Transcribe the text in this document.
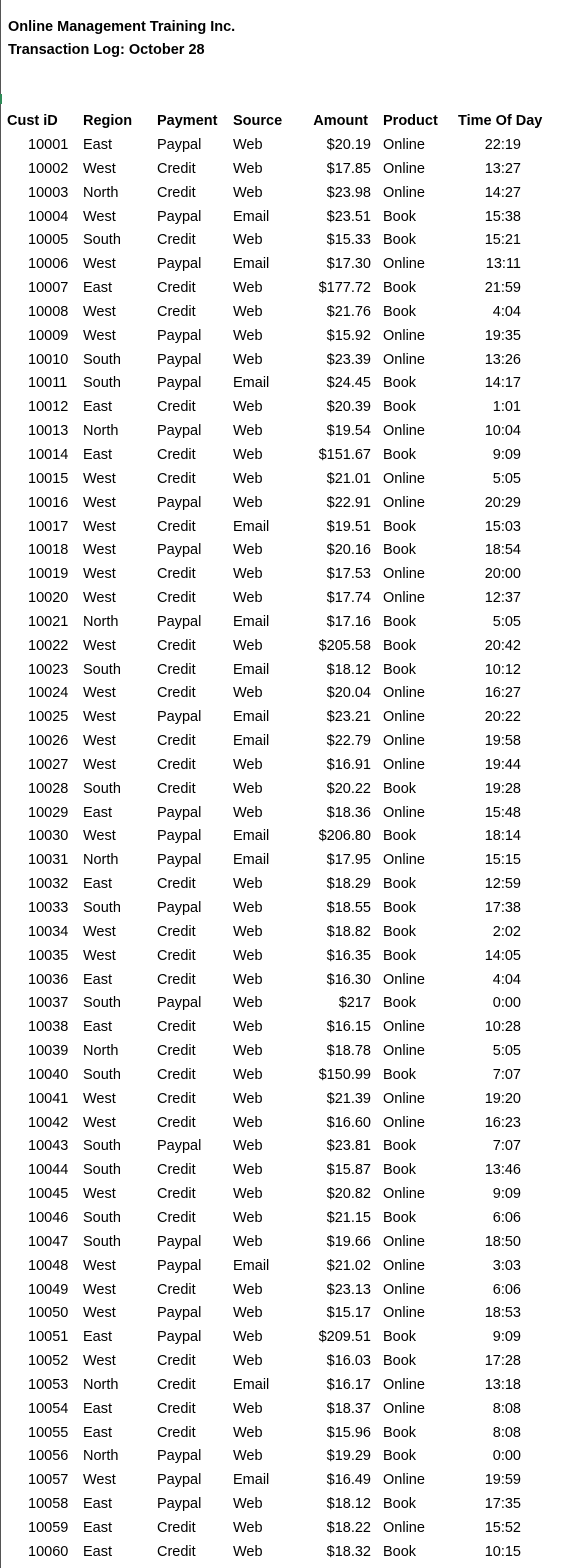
Online Management Training Inc.
Transaction Log: October 28
Cust iD Region Payment Source Amount Product Time Of Day
10001 East	Paypal Web	$20.19 Online	22:19
10002 West	Credit	Web	$17.85 Online	13:27
10003 North	Credit	Web	$23.98 Online	14:27
10004 West	Paypal Email	$23.51 Book	15:38
10005 South Credit	Web	$15.33 Book	15:21
10006 West	Paypal Email	$17.30 Online	13:11
10007 East	Credit	Web	$177.72 Book	21:59
10008 West	Credit	Web	$21.76 Book	4:04
10009 West	Paypal Web	$15.92 Online	19:35
10010 South Paypal Web	$23.39 Online	13:26
10011 South Paypal Email	$24.45 Book	14:17
10012 East	Credit	Web	$20.39 Book	1:01
10013 North	Paypal Web	$19.54 Online	10:04
10014 East	Credit	Web	$151.67 Book	9:09
10015 West	Credit	Web	$21.01 Online	5:05
10016 West	Paypal Web	$22.91 Online	20:29
10017 West	Credit	Email	$19.51 Book	15:03
10018 West	Paypal Web	$20.16 Book	18:54
10019 West	Credit	Web	$17.53 Online	20:00
10020 West	Credit	Web	$17.74 Online	12:37
10021 North	Paypal Email	$17.16 Book	5:05
10022 West	Credit	Web	$205.58 Book	20:42
10023 South Credit	Email	$18.12 Book	10:12
10024 West	Credit	Web	$20.04 Online	16:27
10025 West	Paypal Email	$23.21 Online	20:22
10026 West	Credit	Email	$22.79 Online	19:58
10027 West	Credit	Web	$16.91 Online	19:44
10028 South Credit	Web	$20.22 Book	19:28
10029 East	Paypal Web	$18.36 Online	15:48
10030 West	Paypal Email	$206.80 Book	18:14
10031 North	Paypal Email	$17.95 Online	15:15
10032 East	Credit	Web	$18.29 Book	12:59
10033 South Paypal Web	$18.55 Book	17:38
10034 West	Credit	Web	$18.82 Book	2:02
10035 West	Credit	Web	$16.35 Book	14:05
10036 East	Credit	Web	$16.30 Online	4:04
10037 South Paypal Web	$217 Book	0:00
10038 East	Credit	Web	$16.15 Online	10:28
10039 North	Credit	Web	$18.78 Online	5:05
10040 South Credit	Web	$150.99 Book	7:07
10041 West	Credit	Web	$21.39 Online	19:20
10042 West	Credit	Web	$16.60 Online	16:23
10043 South Paypal Web	$23.81 Book	7:07
10044 South Credit	Web	$15.87 Book	13:46
10045 West	Credit	Web	$20.82 Online	9:09
10046 South Credit	Web	$21.15 Book	6:06
10047 South Paypal Web	$19.66 Online	18:50
10048 West	Paypal Email	$21.02 Online	3:03
10049 West	Credit	Web	$23.13 Online	6:06
10050 West	Paypal Web	$15.17 Online	18:53
10051 East	Paypal Web	$209.51 Book	9:09
10052 West	Credit	Web	$16.03 Book	17:28
10053 North	Credit	Email	$16.17 Online	13:18
10054 East	Credit	Web	$18.37 Online	8:08
10055 East	Credit	Web	$15.96 Book	8:08
10056 North	Paypal Web	$19.29 Book	0:00
10057 West	Paypal Email	$16.49 Online	19:59
10058 East	Paypal Web	$18.12 Book	17:35
10059 East	Credit	Web	$18.22 Online	15:52
10060 East	Credit	Web	$18.32 Book	10:15
